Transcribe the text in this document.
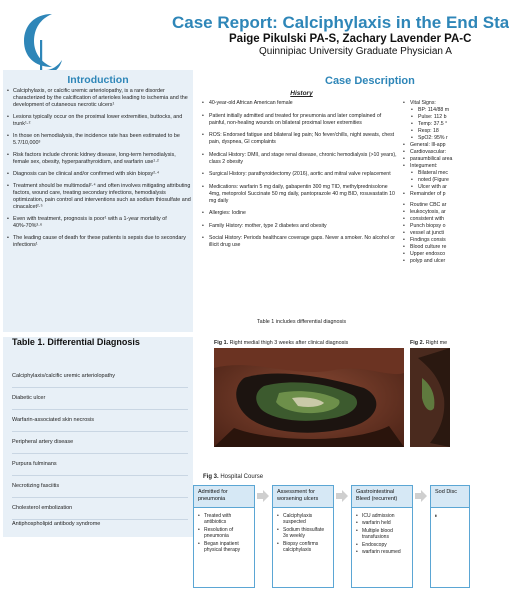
Case Report: Calciphylaxis in the End Sta
Paige Pikulski PA-S, Zachary Lavender PA-C
Quinnipiac University Graduate Physician A
Introduction
• Calciphylaxis, or calcific uremic arteriolopathy, is a rare disorder characterized by the calcification of arterioles leading to ischemia and the development of cutaneous necrotic ulcers¹
• Lesions typically occur on the proximal lower extremities, buttocks, and trunk¹·²
• In those on hemodialysis, the incidence rate has been estimated to be 5.7/10,000³
• Risk factors include chronic kidney disease, long-term hemodialysis, female sex, obesity, hyperparathyroidism, and warfarin use¹·²
• Diagnosis can be clinical and/or confirmed with skin biopsy²·⁴
• Treatment should be multimodal²·⁴ and often involves mitigating attributing factors, wound care, treating secondary infections, hemodialysis optimization, pain control and interventions such as sodium thiosulfate and cinacalcet²·⁵
• Even with treatment, prognosis is poor¹ with a 1-year mortality of 40%-70%³·⁶
• The leading cause of death for these patients is sepsis due to secondary infections¹
Table 1. Differential Diagnosis
Calciphylaxis/calcific uremic arteriolopathy
Diabetic ulcer
Warfarin-associated skin necrosis
Peripheral artery disease
Purpura fulminans
Necrotizing fasciitis
Cholesterol embolization
Antiphospholipid antibody syndrome
Case Description
History
• 40-year-old African American female
• Patient initially admitted and treated for pneumonia and later complained of painful, non-healing wounds on bilateral proximal lower extremities
• ROS: Endorsed fatigue and bilateral leg pain; No fever/chills, night sweats, chest pain, dyspnea, GI complaints
• Medical History: DMII, and stage renal disease, chronic hemodialysis (>10 years), class 2 obesity
• Surgical History: parathyroidectomy (2016), aortic and mitral valve replacement
• Medications: warfarin 5 mg daily, gabapentin 300 mg TID, methylprednisolone 4mg, metoprolol Succinate 50 mg daily, pantoprazole 40 mg BID, rosuvastatin 10 mg daily
• Allergies: Iodine
• Family History: mother, type 2 diabetes and obesity
• Social History: Periods healthcare coverage gaps. Never a smoker. No alcohol or illicit drug use
Table 1 includes differential diagnosis
• Vital Signs:
• BP: 114/88 m
• Pulse: 112 b
• Temp: 37.5 °
• Resp: 18
• SpO2: 95% r
• General: Ill-app
• Cardiovascular:
• paraumbilical area
• Integument:
• Bilateral mec
• noted (Figure
• Ulcer with ar
• Remainder of p
• Routine CBC ar
• leukocytosis, ar
• consistent with
• Punch biopsy o
• vessel at juncti
• Findings consis
• Blood culture re
• Upper endosco
• polyp and ulcer
Fig 1. Right medial thigh 3 weeks after clinical diagnosis	Fig 2. Right me
Fig 3. Hospital Course
Admitted for pneumonia
• Treated with antibiotics
• Resolution of pneumonia
• Began inpatient physical therapy
Assessment for worsening ulcers
• Calciphylaxis suspected
• Sodium thiosulfate 3x weekly
• Biopsy confirms calciphylaxis
Gastrointestinal Bleed (recurrent)
• ICU admission
• warfarin held
• Multiple blood transfusions
• Endoscopy
• warfarin resumed
Sod Disc
